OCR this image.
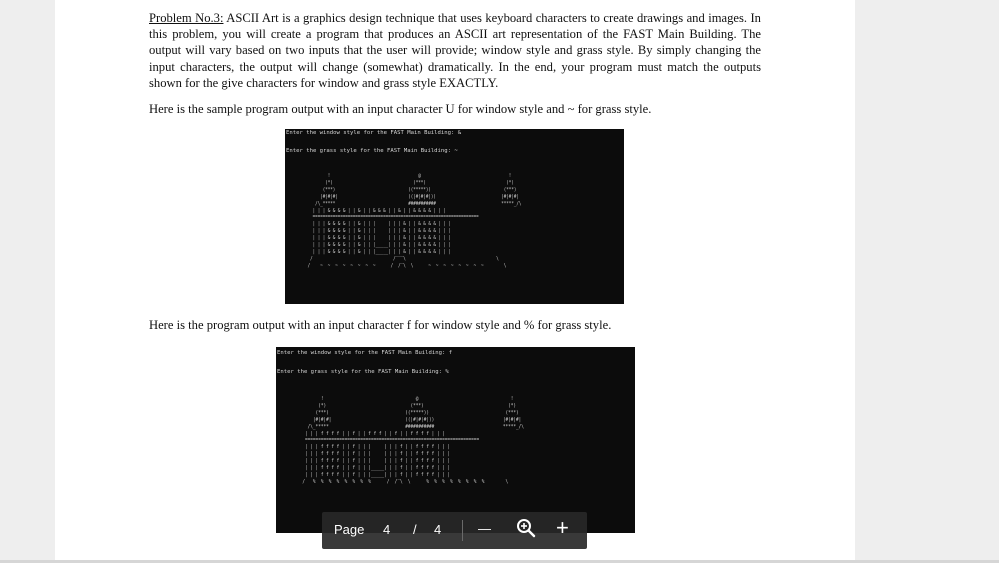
Problem No.3: ASCII Art is a graphics design technique that uses keyboard characters to create drawings and images. In this problem, you will create a program that produces an ASCII art representation of the FAST Main Building. The output will vary based on two inputs that the user will provide; window style and grass style. By simply changing the input characters, the output will change (somewhat) dramatically. In the end, your program must match the outputs shown for the give characters for window and grass style EXACTLY.

Here is the sample program output with an input character U for window style and ~ for grass style.

Enter the window style for the FAST Main Building: &
Enter the grass style for the FAST Main Building: ~
!                                   @                                   !
(*)                                (***)                                (*)
(***)                             ((*****))                             (***)
|#|#|#|                            ((|#|#|#|))                          |#|#|#|
/\_*****                             ###########                          *****_/\
| | | & & & & | | & | | & & & | | & | | & & & & | | |
==================================================================
| | | & & & & | | & | | |     | | | & | | & & & & | | |
| | | & & & & | | & | | |     | | | & | | & & & & | | |
| | | & & & & | | & | | |     | | | & | | & & & & | | |
| | | & & & & | | & | | |_____| | | & | | & & & & | | |
| | | & & & & | | & | | |_____| | | & | | & & & & | | |
/                                /‾‾‾\                                    \
/    ~  ~  ~  ~  ~  ~  ~  ~      /  /‾\  \      ~  ~  ~  ~  ~  ~  ~  ~        \

Here is the program output with an input character f for window style and % for grass style.

Enter the window style for the FAST Main Building: f
Enter the grass style for the FAST Main Building: %
!                                   @                                   !
(*)                                (***)                                (*)
(***)                             ((*****))                             (***)
|#|#|#|                            ((|#|#|#|))                          |#|#|#|
/\_*****                             ###########                          *****_/\
| | | f f f f | | f | | f f f | | f | | f f f f | | |
==================================================================
| | | f f f f | | f | | |     | | | f | | f f f f | | |
| | | f f f f | | f | | |     | | | f | | f f f f | | |
| | | f f f f | | f | | |     | | | f | | f f f f | | |
| | | f f f f | | f | | |_____| | | f | | f f f f | | |
| | | f f f f | | f | | |_____| | | f | | f f f f | | |
/   %  %  %  %  %  %  %  %      /  /‾\  \      %  %  %  %  %  %  %  %        \
Page 4 / 4	—	+
